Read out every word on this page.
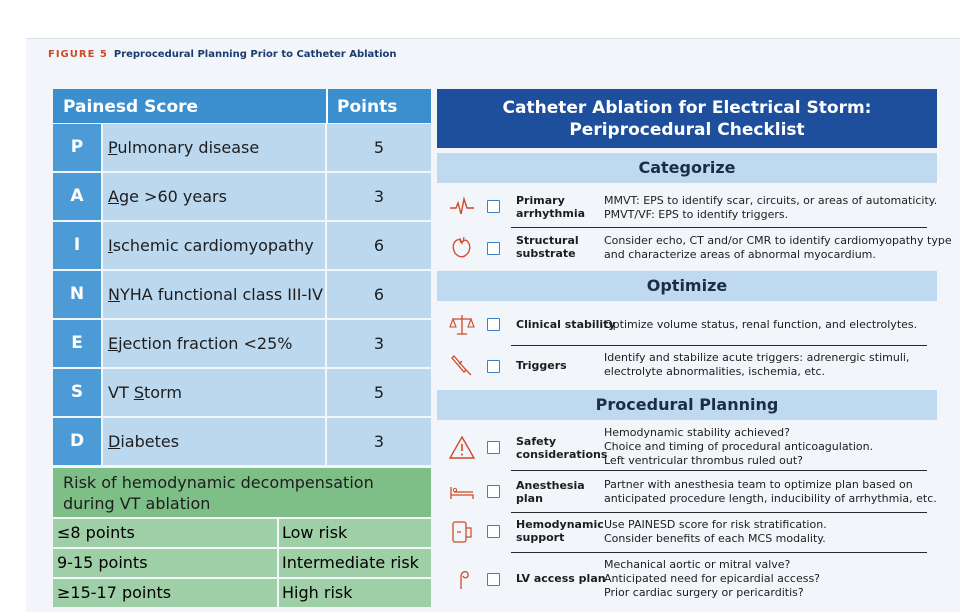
FIGURE 5 Preprocedural Planning Prior to Catheter Ablation
Painesd Score	Points
P	Pulmonary disease	5
A	Age >60 years	3
I	Ischemic cardiomyopathy	6
N	NYHA functional class III-IV	6
E	Ejection fraction <25%	3
S	VT Storm	5
D	Diabetes	3
Risk of hemodynamic decompensation during VT ablation
≤8 points	Low risk
9-15 points	Intermediate risk
≥15-17 points	High risk
Catheter Ablation for Electrical Storm:
Periprocedural Checklist
Categorize
Primary arrhythmia
MMVT: EPS to identify scar, circuits, or areas of automaticity.
PMVT/VF: EPS to identify triggers.
Structural substrate
Consider echo, CT and/or CMR to identify cardiomyopathy type
and characterize areas of abnormal myocardium.
Optimize
Clinical stability
Optimize volume status, renal function, and electrolytes.
Triggers
Identify and stabilize acute triggers: adrenergic stimuli,
electrolyte abnormalities, ischemia, etc.
Procedural Planning
Safety considerations
Hemodynamic stability achieved?
Choice and timing of procedural anticoagulation.
Left ventricular thrombus ruled out?
Anesthesia plan
Partner with anesthesia team to optimize plan based on
anticipated procedure length, inducibility of arrhythmia, etc.
Hemodynamic support
Use PAINESD score for risk stratification.
Consider benefits of each MCS modality.
LV access plan
Mechanical aortic or mitral valve?
Anticipated need for epicardial access?
Prior cardiac surgery or pericarditis?
